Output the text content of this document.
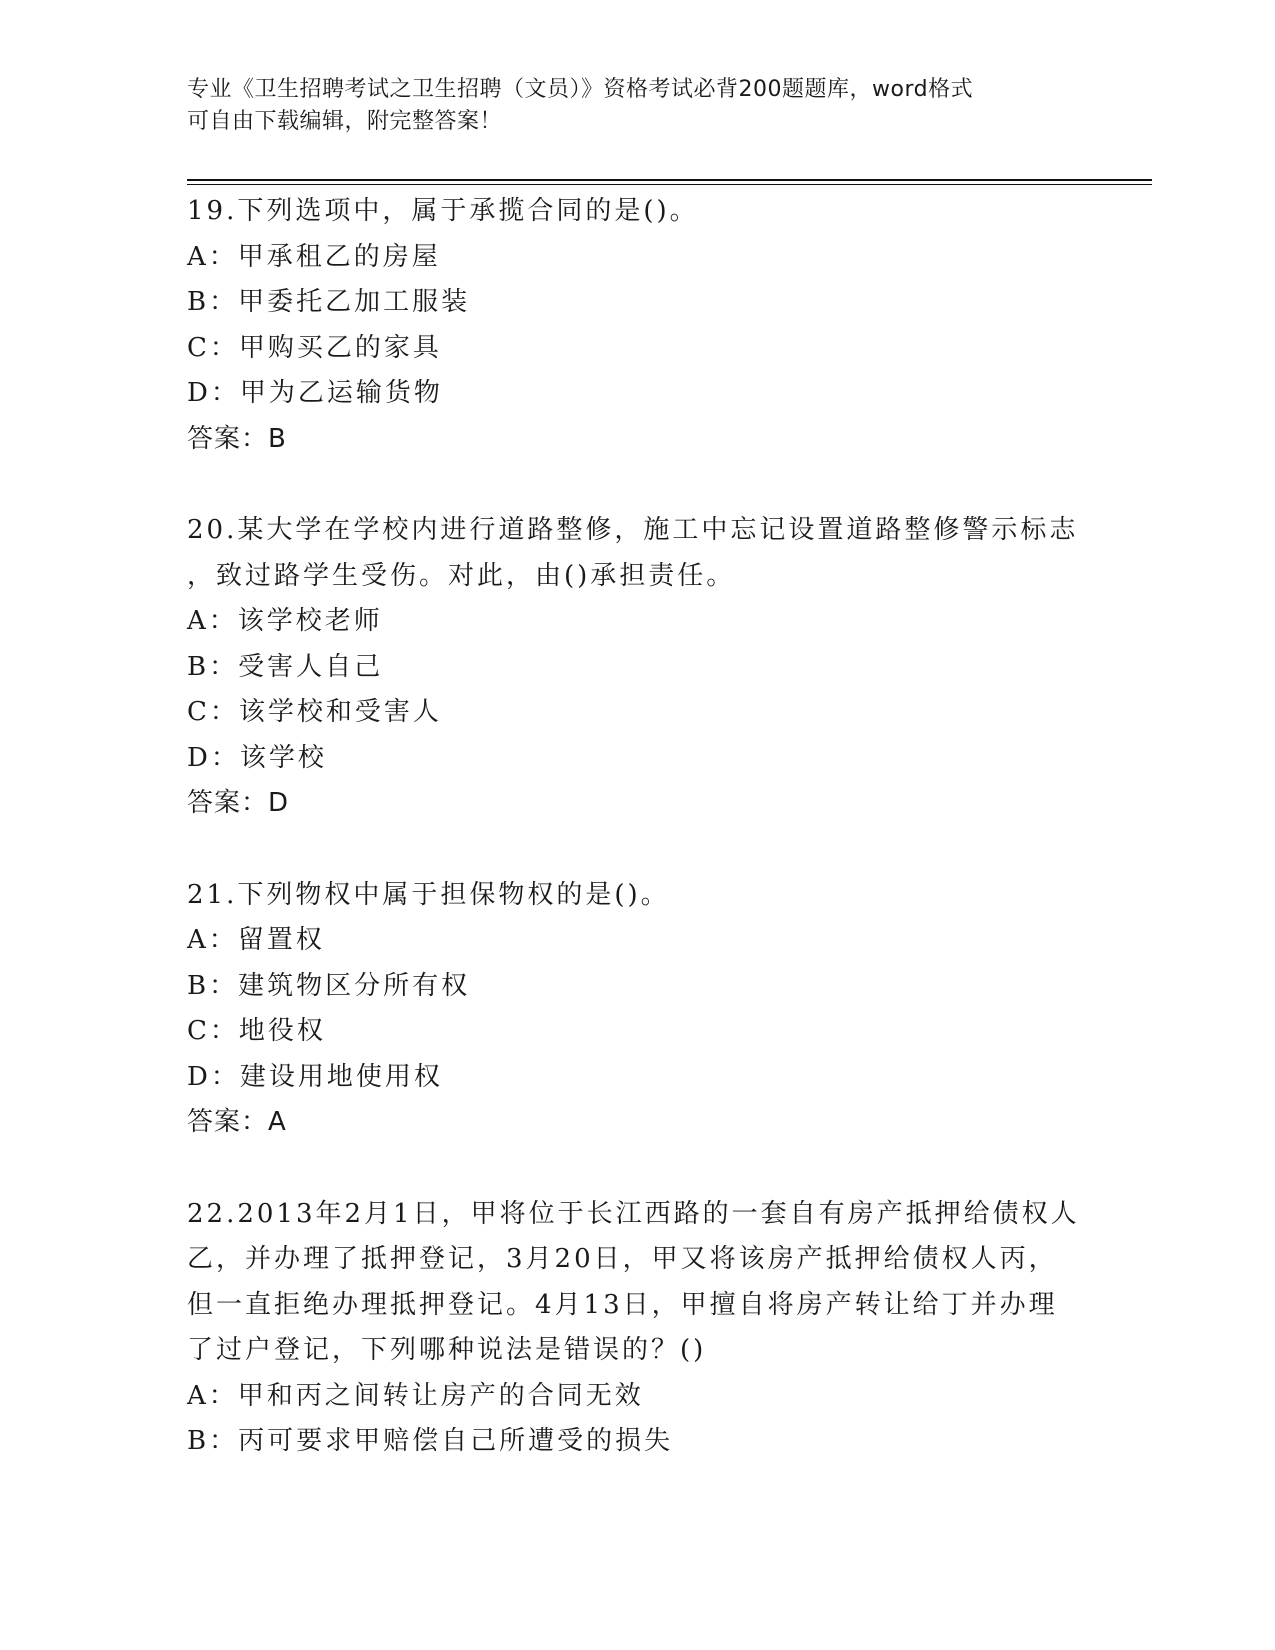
专业《卫生招聘考试之卫生招聘（文员）》资格考试必背200题题库，word格式
可自由下载编辑，附完整答案！
19.下列选项中，属于承揽合同的是()。
A：甲承租乙的房屋
B：甲委托乙加工服装
C：甲购买乙的家具
D：甲为乙运输货物
答案：B
20.某大学在学校内进行道路整修，施工中忘记设置道路整修警示标志
，致过路学生受伤。对此，由()承担责任。
A：该学校老师
B：受害人自己
C：该学校和受害人
D：该学校
答案：D
21.下列物权中属于担保物权的是()。
A：留置权
B：建筑物区分所有权
C：地役权
D：建设用地使用权
答案：A
22.2013年2月1日，甲将位于长江西路的一套自有房产抵押给债权人
乙，并办理了抵押登记，3月20日，甲又将该房产抵押给债权人丙，
但一直拒绝办理抵押登记。4月13日，甲擅自将房产转让给丁并办理
了过户登记，下列哪种说法是错误的？()
A：甲和丙之间转让房产的合同无效
B：丙可要求甲赔偿自己所遭受的损失
